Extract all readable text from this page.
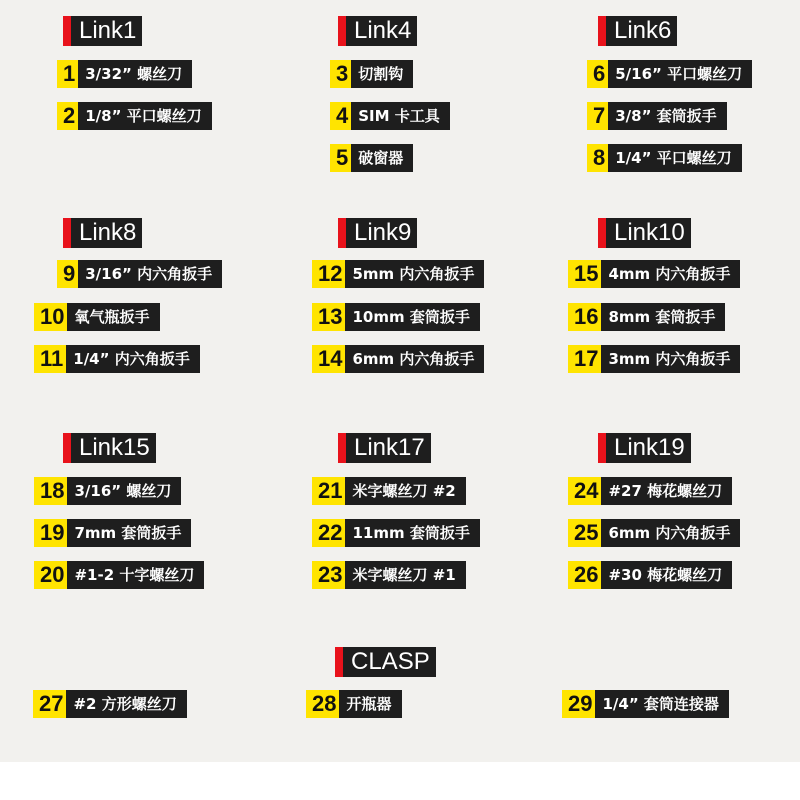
Link1
1 3/32” 螺丝刀
2 1/8” 平口螺丝刀
Link4
3 切割钩
4 SIM 卡工具
5 破窗器
Link6
6 5/16” 平口螺丝刀
7 3/8” 套筒扳手
8 1/4” 平口螺丝刀
Link8
9 3/16” 内六角扳手
10 氧气瓶扳手
11 1/4” 内六角扳手
Link9
12 5mm 内六角扳手
13 10mm 套筒扳手
14 6mm 内六角扳手
Link10
15 4mm 内六角扳手
16 8mm 套筒扳手
17 3mm 内六角扳手
Link15
18 3/16” 螺丝刀
19 7mm 套筒扳手
20 #1-2 十字螺丝刀
Link17
21 米字螺丝刀 #2
22 11mm 套筒扳手
23 米字螺丝刀 #1
Link19
24 #27 梅花螺丝刀
25 6mm 内六角扳手
26 #30 梅花螺丝刀
CLASP
27 #2 方形螺丝刀	28 开瓶器	29 1/4” 套筒连接器
